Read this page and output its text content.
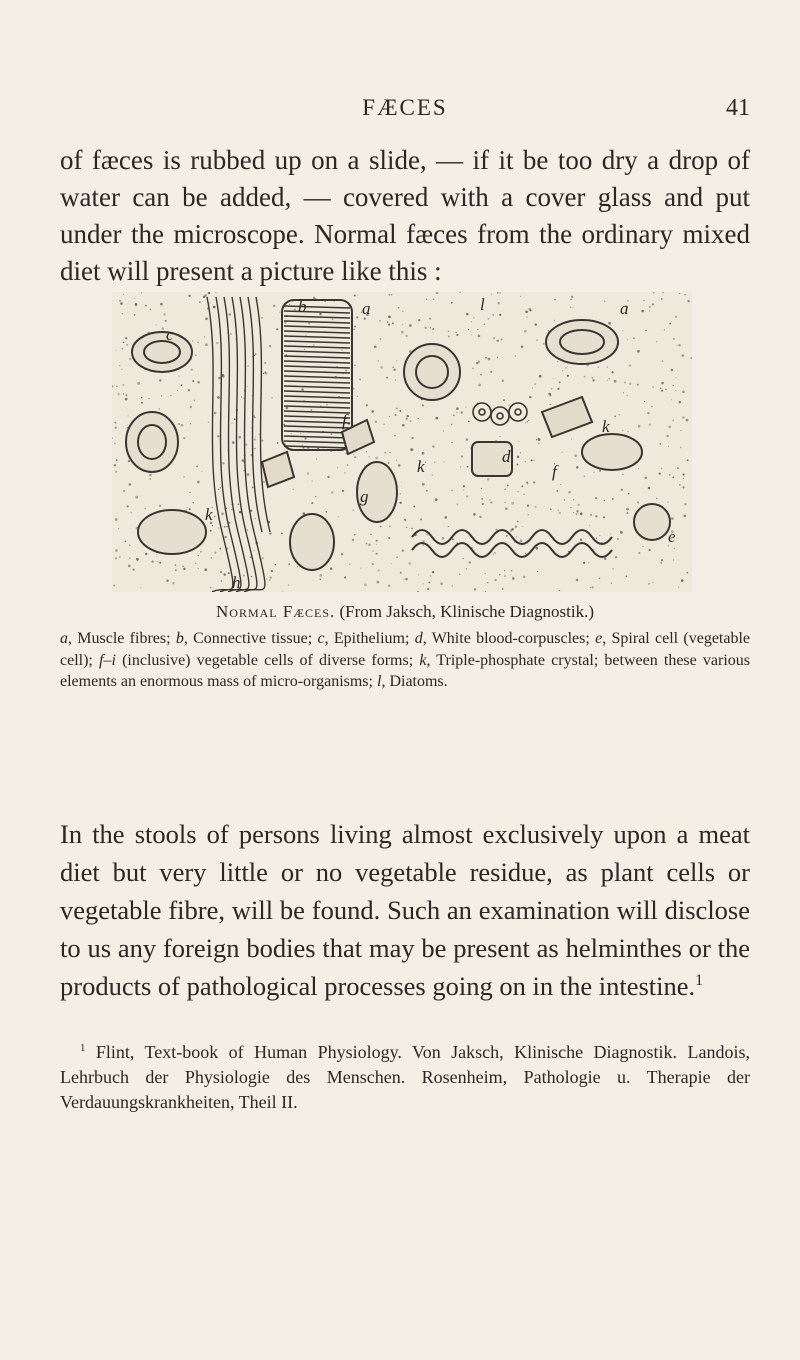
FÆCES	41

of fæces is rubbed up on a slide, — if it be too dry a drop of water can be added, — covered with a cover glass and put under the microscope. Normal fæces from the ordinary mixed diet will present a picture like this :

b	a	l	a
c
f
d
k
k
f
k
g
e
h

Normal Fæces. (From Jaksch, Klinische Diagnostik.)

a, Muscle fibres; b, Connective tissue; c, Epithelium; d, White blood-corpuscles; e, Spiral cell (vegetable cell); f–i (inclusive) vegetable cells of diverse forms; k, Triple-phosphate crystal; between these various elements an enormous mass of micro-organisms; l, Diatoms.

In the stools of persons living almost exclusively upon a meat diet but very little or no vegetable residue, as plant cells or vegetable fibre, will be found. Such an examination will disclose to us any foreign bodies that may be present as helminthes or the products of pathological processes going on in the intestine.$^1$

$^1$ Flint, Text-book of Human Physiology. Von Jaksch, Klinische Diagnostik. Landois, Lehrbuch der Physiologie des Menschen. Rosenheim, Pathologie u. Therapie der Verdauungskrankheiten, Theil II.
